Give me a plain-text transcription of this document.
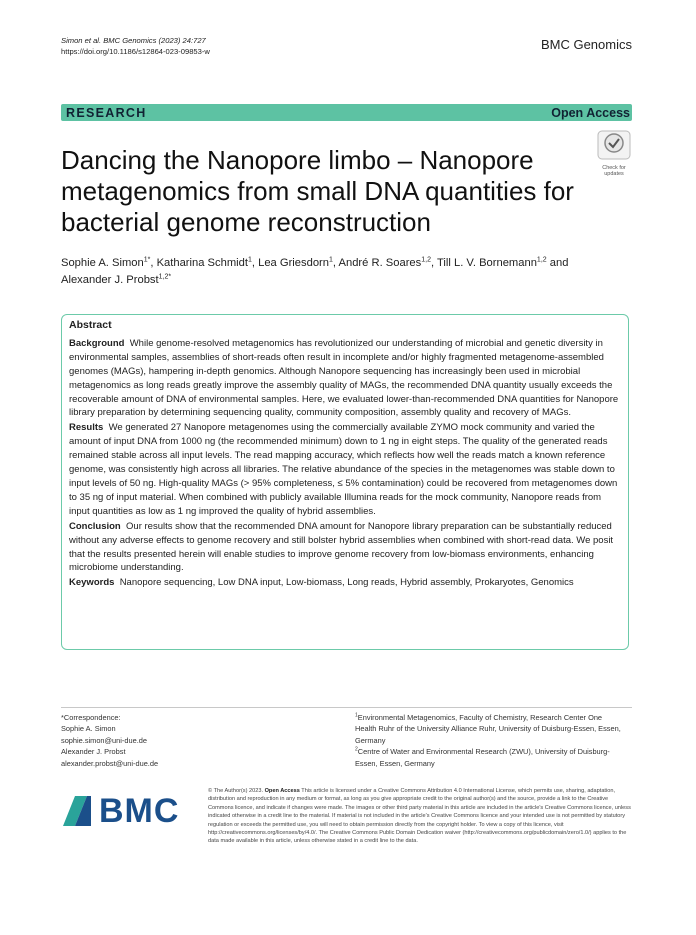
Simon et al. BMC Genomics (2023) 24:727
https://doi.org/10.1186/s12864-023-09853-w	BMC Genomics
RESEARCH	Open Access
Check for
updates
Dancing the Nanopore limbo – Nanopore metagenomics from small DNA quantities for bacterial genome reconstruction
Sophie A. Simon$^{1*}$, Katharina Schmidt$^1$, Lea Griesdorn$^1$, André R. Soares$^{1,2}$, Till L. V. Bornemann$^{1,2}$ and
Alexander J. Probst$^{1,2*}$

Abstract

Background While genome-resolved metagenomics has revolutionized our understanding of microbial and genetic diversity in environmental samples, assemblies of short-reads often result in incomplete and/or highly fragmented metagenome-assembled genomes (MAGs), hampering in-depth genomics. Although Nanopore sequencing has increasingly been used in microbial metagenomics as long reads greatly improve the assembly quality of MAGs, the recommended DNA quantity usually exceeds the recoverable amount of DNA of environmental samples. Here, we evaluated lower-than-recommended DNA quantities for Nanopore library preparation by determining sequencing quality, community composition, assembly quality and recovery of MAGs.

Results We generated 27 Nanopore metagenomes using the commercially available ZYMO mock community and varied the amount of input DNA from 1000 ng (the recommended minimum) down to 1 ng in eight steps. The quality of the generated reads remained stable across all input levels. The read mapping accuracy, which reflects how well the reads match a known reference genome, was consistently high across all libraries. The relative abundance of the species in the metagenomes was stable down to input levels of 50 ng. High-quality MAGs (> 95% completeness, ≤ 5% contamination) could be recovered from metagenomes down to 35 ng of input material. When combined with publicly available Illumina reads for the mock community, Nanopore reads from input quantities as low as 1 ng improved the quality of hybrid assemblies.

Conclusion Our results show that the recommended DNA amount for Nanopore library preparation can be substantially reduced without any adverse effects to genome recovery and still bolster hybrid assemblies when combined with short-read data. We posit that the results presented herein will enable studies to improve genome recovery from low-biomass environments, enhancing microbiome understanding.

Keywords Nanopore sequencing, Low DNA input, Low-biomass, Long reads, Hybrid assembly, Prokaryotes, Genomics

*Correspondence:
Sophie A. Simon
sophie.simon@uni-due.de
Alexander J. Probst
alexander.probst@uni-due.de
$^1$Environmental Metagenomics, Faculty of Chemistry, Research Center One Health Ruhr of the University Alliance Ruhr, University of Duisburg-Essen, Essen, Germany
$^2$Centre of Water and Environmental Research (ZWU), University of Duisburg-Essen, Essen, Germany
BMC
© The Author(s) 2023. Open Access This article is licensed under a Creative Commons Attribution 4.0 International License, which permits use, sharing, adaptation, distribution and reproduction in any medium or format, as long as you give appropriate credit to the original author(s) and the source, provide a link to the Creative Commons licence, and indicate if changes were made. The images or other third party material in this article are included in the article's Creative Commons licence, unless indicated otherwise in a credit line to the material. If material is not included in the article's Creative Commons licence and your intended use is not permitted by statutory regulation or exceeds the permitted use, you will need to obtain permission directly from the copyright holder. To view a copy of this licence, visit http://creativecommons.org/licenses/by/4.0/. The Creative Commons Public Domain Dedication waiver (http://creativecommons.org/publicdomain/zero/1.0/) applies to the data made available in this article, unless otherwise stated in a credit line to the data.
